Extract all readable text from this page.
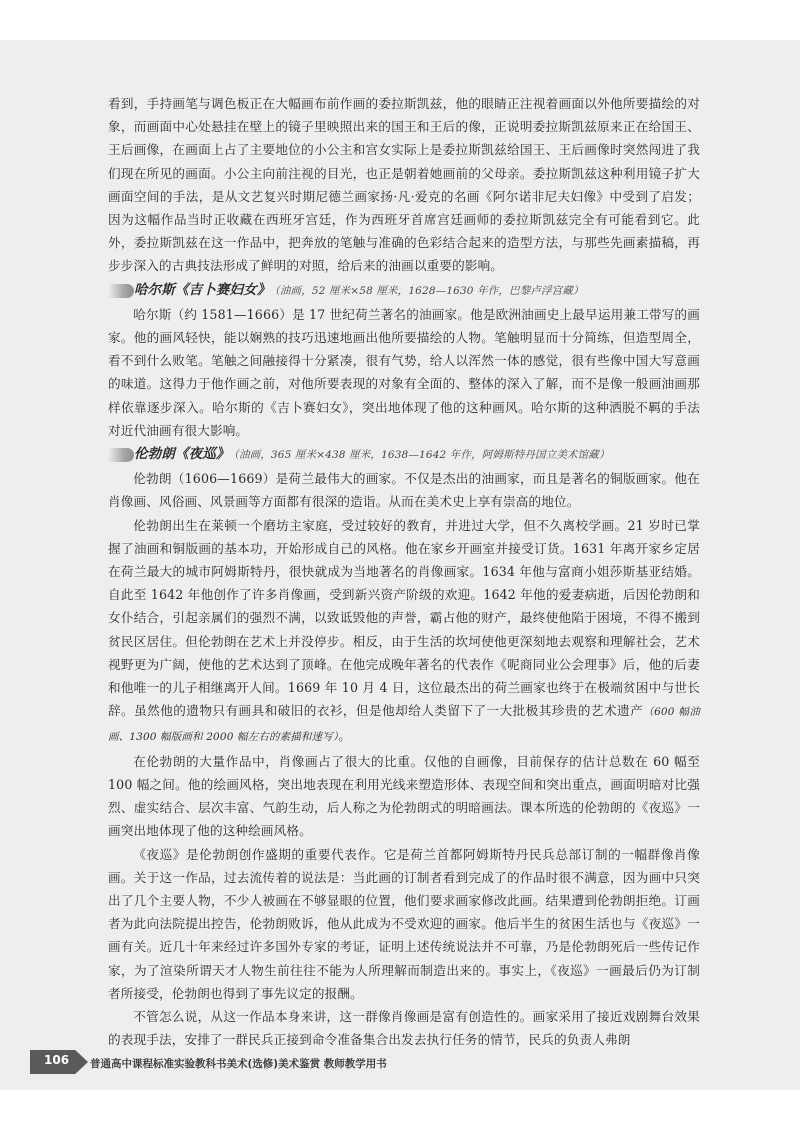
看到，手持画笔与调色板正在大幅画布前作画的委拉斯凯兹，他的眼睛正注视着画面以外他所要描绘的对象，而画面中心处悬挂在壁上的镜子里映照出来的国王和王后的像，正说明委拉斯凯兹原来正在给国王、王后画像，在画面上占了主要地位的小公主和宫女实际上是委拉斯凯兹给国王、王后画像时突然闯进了我们现在所见的画面。小公主向前注视的目光，也正是朝着她画前的父母亲。委拉斯凯兹这种利用镜子扩大画面空间的手法，是从文艺复兴时期尼德兰画家扬·凡·爱克的名画《阿尔诺非尼夫妇像》中受到了启发；因为这幅作品当时正收藏在西班牙宫廷，作为西班牙首席宫廷画师的委拉斯凯兹完全有可能看到它。此外，委拉斯凯兹在这一作品中，把奔放的笔触与准确的色彩结合起来的造型方法，与那些先画素描稿，再步步深入的古典技法形成了鲜明的对照，给后来的油画以重要的影响。

哈尔斯《吉卜赛妇女》 （油画，52 厘米×58 厘米，1628—1630 年作，巴黎卢浮宫藏）

哈尔斯（约 1581—1666）是 17 世纪荷兰著名的油画家。他是欧洲油画史上最早运用兼工带写的画家。他的画风轻快，能以娴熟的技巧迅速地画出他所要描绘的人物。笔触明显而十分简练，但造型周全，看不到什么败笔。笔触之间融接得十分紧凑，很有气势，给人以浑然一体的感觉，很有些像中国大写意画的味道。这得力于他作画之前，对他所要表现的对象有全面的、整体的深入了解，而不是像一般画油画那样依靠逐步深入。哈尔斯的《吉卜赛妇女》，突出地体现了他的这种画风。哈尔斯的这种洒脱不羁的手法对近代油画有很大影响。

伦勃朗《夜巡》 （油画，365 厘米×438 厘米，1638—1642 年作，阿姆斯特丹国立美术馆藏）

伦勃朗（1606—1669）是荷兰最伟大的画家。不仅是杰出的油画家，而且是著名的铜版画家。他在肖像画、风俗画、风景画等方面都有很深的造诣。从而在美术史上享有崇高的地位。

伦勃朗出生在莱顿一个磨坊主家庭，受过较好的教育，并进过大学，但不久离校学画。21 岁时已掌握了油画和铜版画的基本功，开始形成自己的风格。他在家乡开画室并接受订货。1631 年离开家乡定居在荷兰最大的城市阿姆斯特丹，很快就成为当地著名的肖像画家。1634 年他与富商小姐莎斯基亚结婚。自此至 1642 年他创作了许多肖像画，受到新兴资产阶级的欢迎。1642 年他的爱妻病逝，后因伦勃朗和女仆结合，引起亲属们的强烈不满，以致诋毁他的声誉，霸占他的财产，最终使他陷于困境，不得不搬到贫民区居住。但伦勃朗在艺术上并没停步。相反，由于生活的坎坷使他更深刻地去观察和理解社会，艺术视野更为广阔，使他的艺术达到了顶峰。在他完成晚年著名的代表作《呢商同业公会理事》后，他的后妻和他唯一的儿子相继离开人间。1669 年 10 月 4 日，这位最杰出的荷兰画家也终于在极端贫困中与世长辞。虽然他的遗物只有画具和破旧的衣衫，但是他却给人类留下了一大批极其珍贵的艺术遗产（600 幅油画、1300 幅版画和 2000 幅左右的素描和速写）。

在伦勃朗的大量作品中，肖像画占了很大的比重。仅他的自画像，目前保存的估计总数在 60 幅至 100 幅之间。他的绘画风格，突出地表现在利用光线来塑造形体、表现空间和突出重点，画面明暗对比强烈、虚实结合、层次丰富、气韵生动，后人称之为伦勃朗式的明暗画法。课本所选的伦勃朗的《夜巡》一画突出地体现了他的这种绘画风格。

《夜巡》是伦勃朗创作盛期的重要代表作。它是荷兰首都阿姆斯特丹民兵总部订制的一幅群像肖像画。关于这一作品，过去流传着的说法是：当此画的订制者看到完成了的作品时很不满意，因为画中只突出了几个主要人物，不少人被画在不够显眼的位置，他们要求画家修改此画。结果遭到伦勃朗拒绝。订画者为此向法院提出控告，伦勃朗败诉，他从此成为不受欢迎的画家。他后半生的贫困生活也与《夜巡》一画有关。近几十年来经过许多国外专家的考证，证明上述传统说法并不可靠，乃是伦勃朗死后一些传记作家，为了渲染所谓天才人物生前往往不能为人所理解而制造出来的。事实上，《夜巡》一画最后仍为订制者所接受，伦勃朗也得到了事先议定的报酬。

不管怎么说，从这一作品本身来讲，这一群像肖像画是富有创造性的。画家采用了接近戏剧舞台效果的表现手法，安排了一群民兵正接到命令准备集合出发去执行任务的情节，民兵的负责人弗朗

106 普通高中课程标准实验教科书美术(选修)美术鉴赏 教师教学用书
